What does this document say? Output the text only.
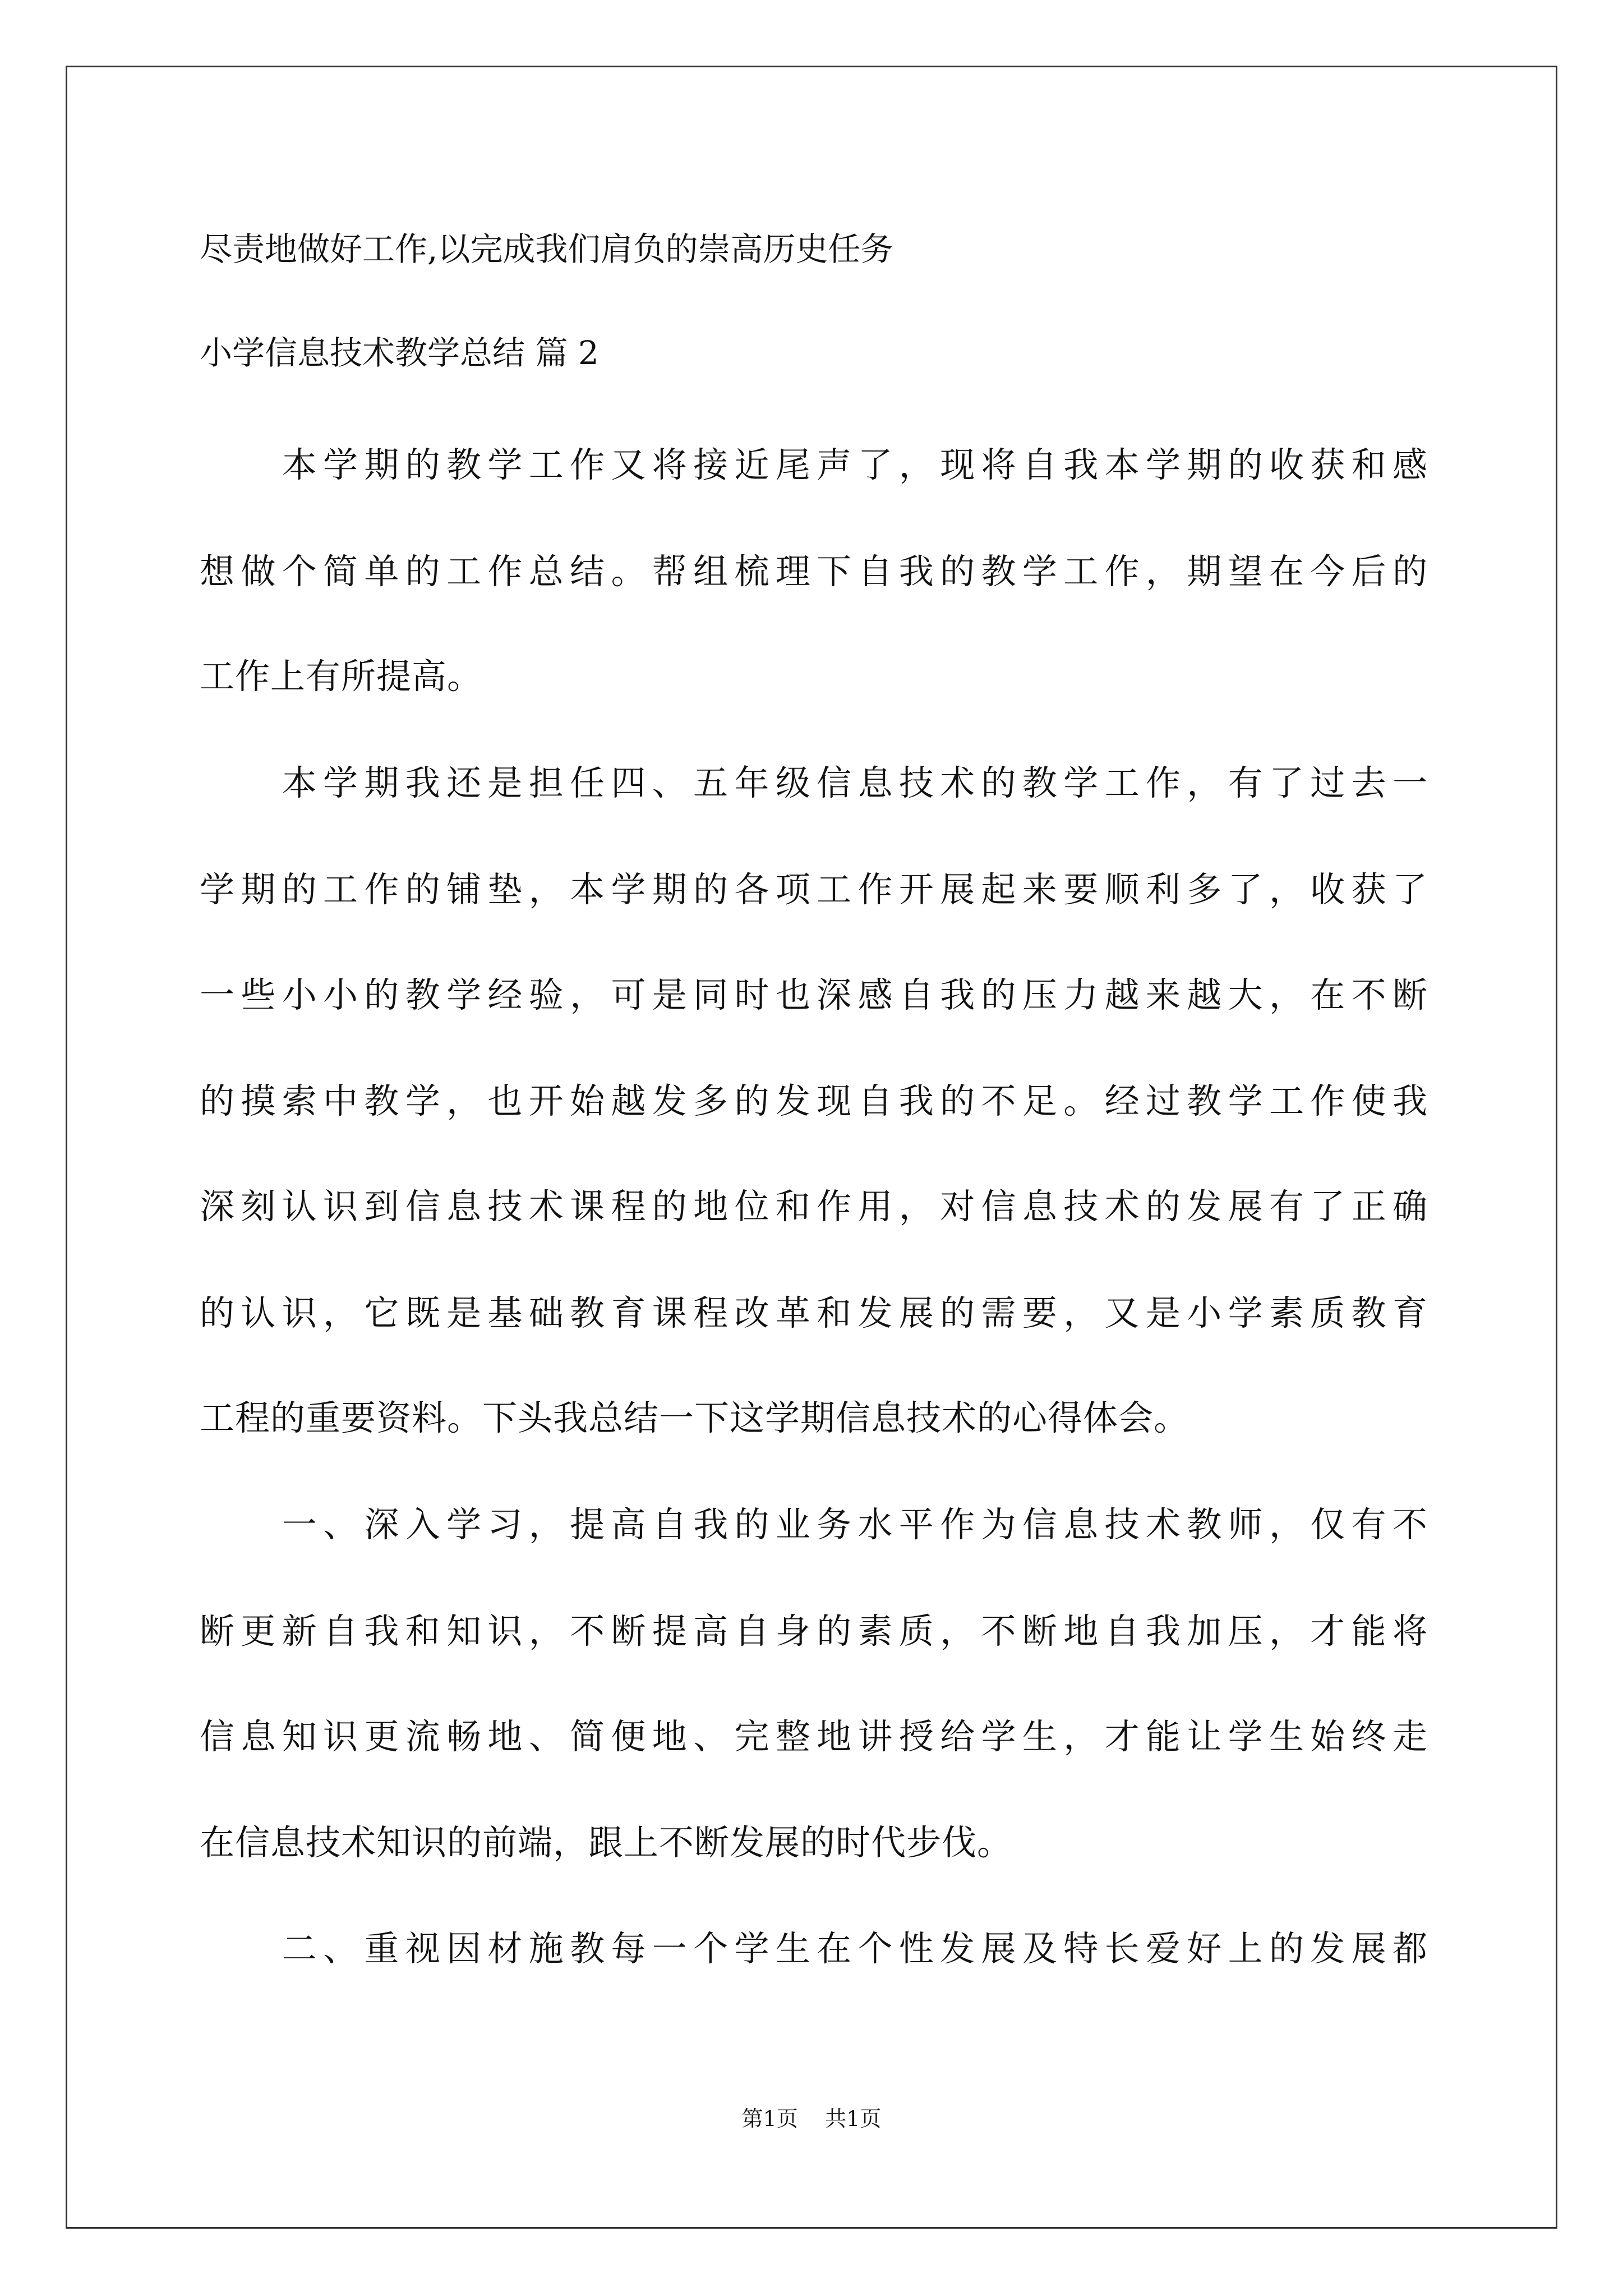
尽责地做好工作,以完成我们肩负的崇高历史任务

小学信息技术教学总结 篇 2

　　本学期的教学工作又将接近尾声了，现将自我本学期的收获和感

想做个简单的工作总结。帮组梳理下自我的教学工作，期望在今后的

工作上有所提高。

　　本学期我还是担任四、五年级信息技术的教学工作，有了过去一

学期的工作的铺垫，本学期的各项工作开展起来要顺利多了，收获了

一些小小的教学经验，可是同时也深感自我的压力越来越大，在不断

的摸索中教学，也开始越发多的发现自我的不足。经过教学工作使我

深刻认识到信息技术课程的地位和作用，对信息技术的发展有了正确

的认识，它既是基础教育课程改革和发展的需要，又是小学素质教育

工程的重要资料。下头我总结一下这学期信息技术的心得体会。

　　一、深入学习，提高自我的业务水平作为信息技术教师，仅有不

断更新自我和知识，不断提高自身的素质，不断地自我加压，才能将

信息知识更流畅地、简便地、完整地讲授给学生，才能让学生始终走

在信息技术知识的前端，跟上不断发展的时代步伐。

　　二、重视因材施教每一个学生在个性发展及特长爱好上的发展都

第1页 共1页
